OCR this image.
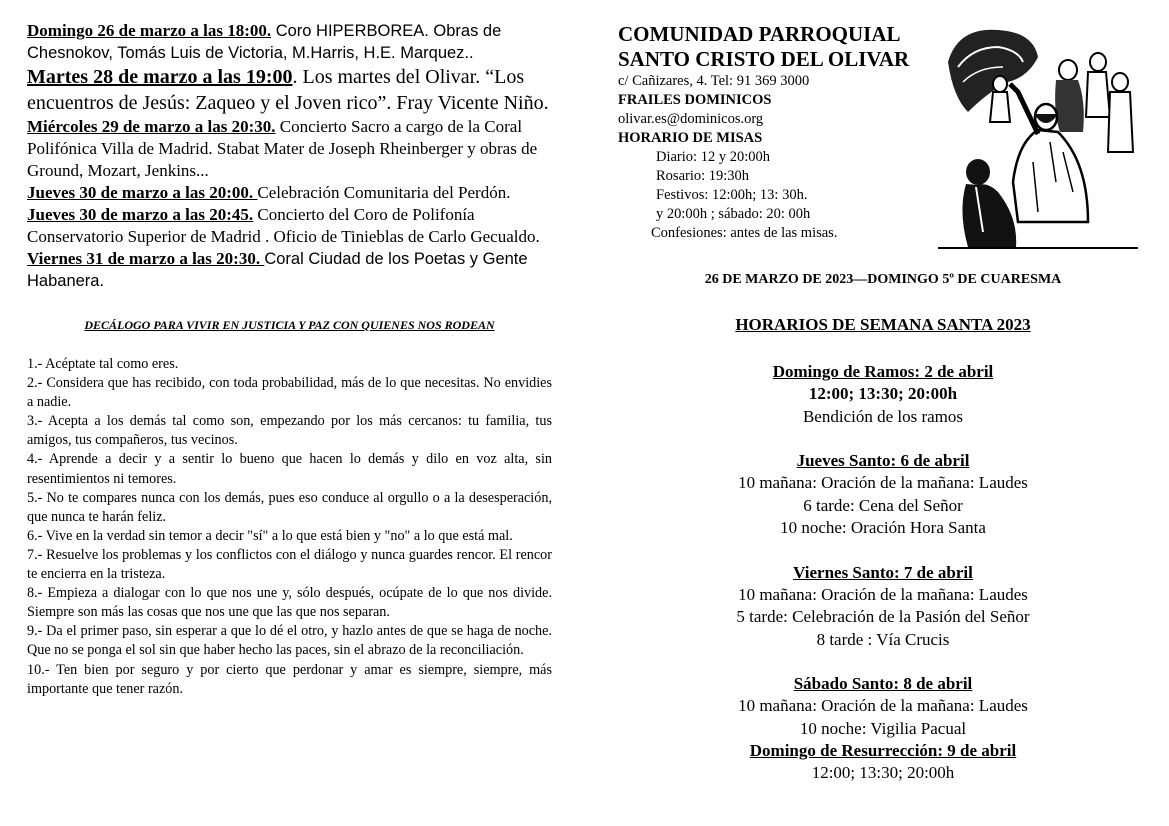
Domingo 26 de marzo a las 18:00. Coro HIPERBOREA. Obras de Chesnokov, Tomás Luis de Victoria, M.Harris, H.E. Marquez..

Martes 28 de marzo a las 19:00. Los martes del Olivar. “Los encuentros de Jesús: Zaqueo y el Joven rico”. Fray Vicente Niño.

Miércoles 29 de marzo a las 20:30. Concierto Sacro a cargo de la Coral Polifónica Villa de Madrid. Stabat Mater de Joseph Rheinberger y obras de Ground, Mozart, Jenkins...

Jueves 30 de marzo a las 20:00. Celebración Comunitaria del Perdón.

Jueves 30 de marzo a las 20:45. Concierto del Coro de Polifonía Conservatorio Superior de Madrid . Oficio de Tinieblas de Carlo Gecualdo.

Viernes 31 de marzo a las 20:30. Coral Ciudad de los Poetas y Gente Habanera.

DECÁLOGO PARA VIVIR EN JUSTICIA Y PAZ CON QUIENES NOS RODEAN

1.- Acéptate tal como eres.

2.- Considera que has recibido, con toda probabilidad, más de lo que necesitas. No envidies a nadie.

3.- Acepta a los demás tal como son, empezando por los más cercanos: tu familia, tus amigos, tus compañeros, tus vecinos.

4.- Aprende a decir y a sentir lo bueno que hacen lo demás y dilo en voz alta, sin resentimientos ni temores.

5.- No te compares nunca con los demás, pues eso conduce al orgullo o a la desesperación, que nunca te harán feliz.

6.- Vive en la verdad sin temor a decir "sí" a lo que está bien y "no" a lo que está mal.

7.- Resuelve los problemas y los conflictos con el diálogo y nunca guardes rencor. El rencor te encierra en la tristeza.

8.- Empieza a dialogar con lo que nos une y, sólo después, ocúpate de lo que nos divide. Siempre son más las cosas que nos une que las que nos separan.

9.- Da el primer paso, sin esperar a que lo dé el otro, y hazlo antes de que se haga de noche. Que no se ponga el sol sin que haber hecho las paces, sin el abrazo de la reconciliación.

10.- Ten bien por seguro y por cierto que perdonar y amar es siempre, siempre, más importante que tener razón.

COMUNIDAD PARROQUIAL

SANTO CRISTO DEL OLIVAR

c/ Cañizares, 4. Tel: 91 369 3000

FRAILES DOMINICOS

olivar.es@dominicos.org

HORARIO DE MISAS

Diario: 12 y 20:00h

Rosario: 19:30h

Festivos: 12:00h; 13: 30h.

y 20:00h ; sábado: 20: 00h

Confesiones: antes de las misas.

26 DE MARZO DE 2023—DOMINGO 5º DE CUARESMA
HORARIOS DE SEMANA SANTA 2023

Domingo de Ramos: 2 de abril

12:00; 13:30; 20:00h

Bendición de los ramos

Jueves Santo: 6 de abril

10 mañana: Oración de la mañana: Laudes

6 tarde: Cena del Señor

10 noche: Oración Hora Santa

Viernes Santo: 7 de abril

10 mañana: Oración de la mañana: Laudes

5 tarde: Celebración de la Pasión del Señor

8 tarde : Vía Crucis

Sábado Santo: 8 de abril

10 mañana: Oración de la mañana: Laudes

10 noche: Vigilia Pacual

Domingo de Resurrección: 9 de abril

12:00; 13:30; 20:00h
